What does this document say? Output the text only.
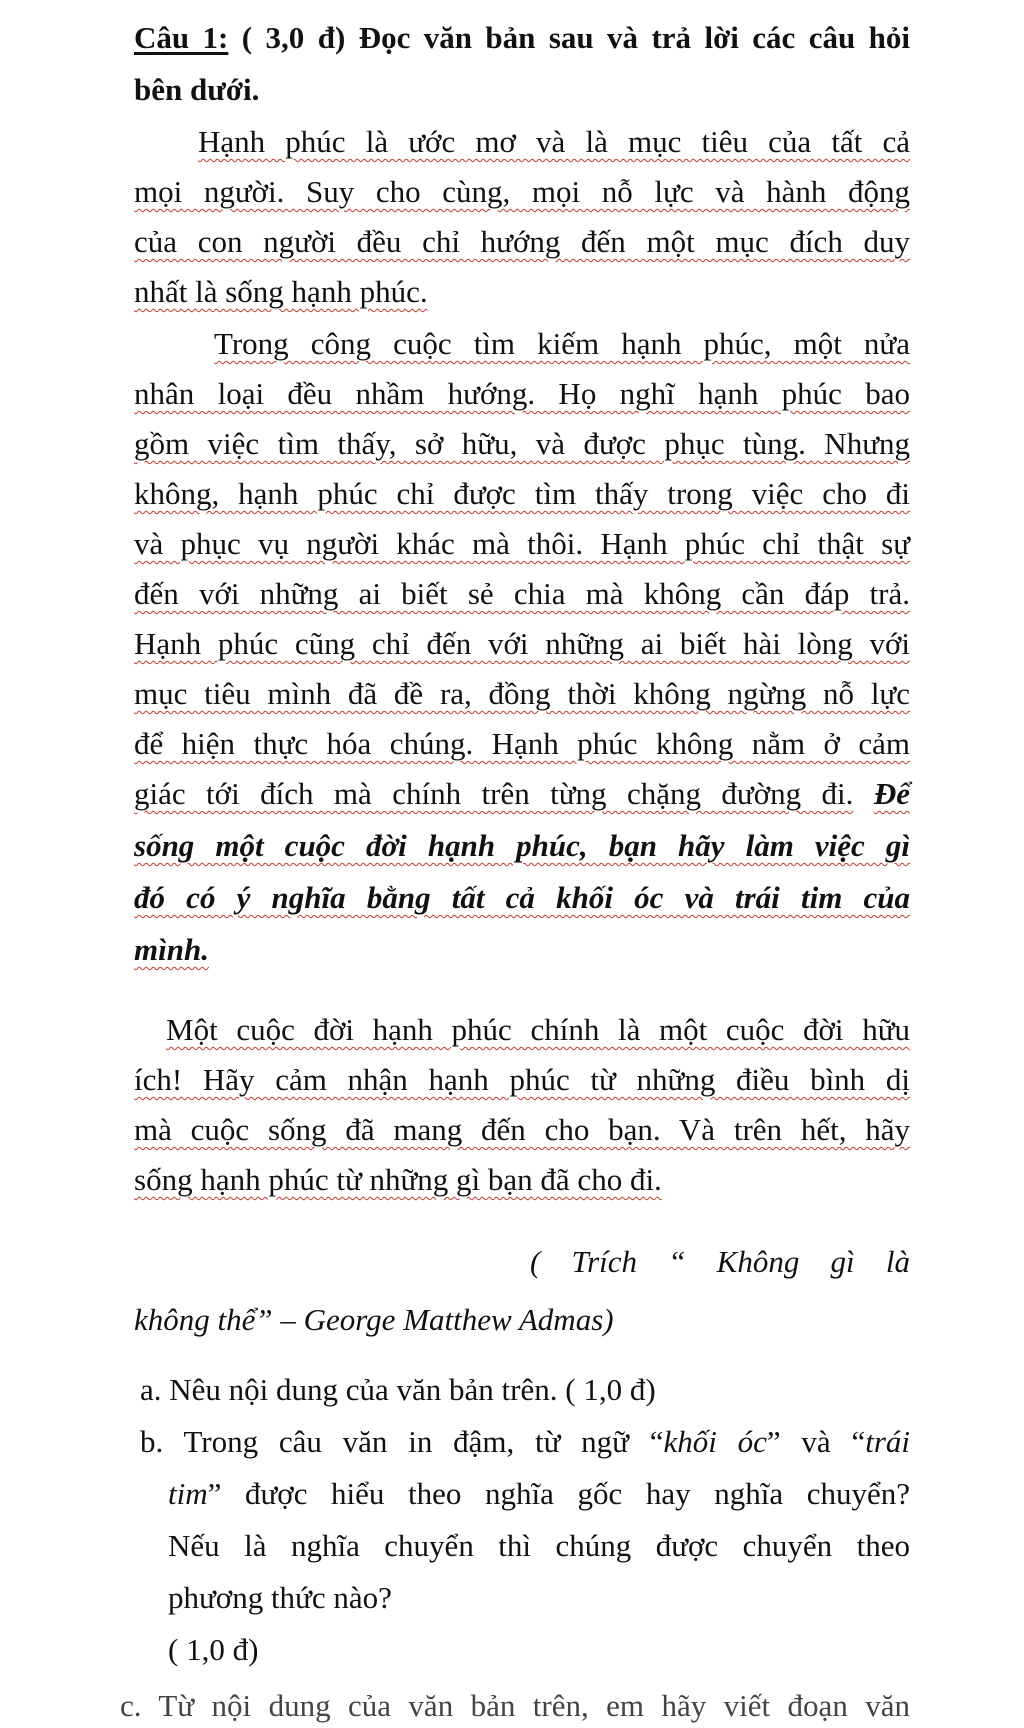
Câu 1: ( 3,0 đ) Đọc văn bản sau và trả lời các câu hỏi
bên dưới.
Hạnh phúc là ước mơ và là mục tiêu của tất cả
mọi người. Suy cho cùng, mọi nỗ lực và hành động
của con người đều chỉ hướng đến một mục đích duy
nhất là sống hạnh phúc.
Trong công cuộc tìm kiếm hạnh phúc, một nửa
nhân loại đều nhầm hướng. Họ nghĩ hạnh phúc bao
gồm việc tìm thấy, sở hữu, và được phục tùng. Nhưng
không, hạnh phúc chỉ được tìm thấy trong việc cho đi
và phục vụ người khác mà thôi. Hạnh phúc chỉ thật sự
đến với những ai biết sẻ chia mà không cần đáp trả.
Hạnh phúc cũng chỉ đến với những ai biết hài lòng với
mục tiêu mình đã đề ra, đồng thời không ngừng nỗ lực
để hiện thực hóa chúng. Hạnh phúc không nằm ở cảm
giác tới đích mà chính trên từng chặng đường đi. Để
sống một cuộc đời hạnh phúc, bạn hãy làm việc gì
đó có ý nghĩa bằng tất cả khối óc và trái tim của
mình.
Một cuộc đời hạnh phúc chính là một cuộc đời hữu
ích! Hãy cảm nhận hạnh phúc từ những điều bình dị
mà cuộc sống đã mang đến cho bạn. Và trên hết, hãy
sống hạnh phúc từ những gì bạn đã cho đi.
( Trích “ Không gì là
không thể” – George Matthew Admas)
a. Nêu nội dung của văn bản trên. ( 1,0 đ)
b. Trong câu văn in đậm, từ ngữ “khối óc” và “trái
tim” được hiểu theo nghĩa gốc hay nghĩa chuyển?
Nếu là nghĩa chuyển thì chúng được chuyển theo
phương thức nào?
( 1,0 đ)
c. Từ nội dung của văn bản trên, em hãy viết đoạn văn
